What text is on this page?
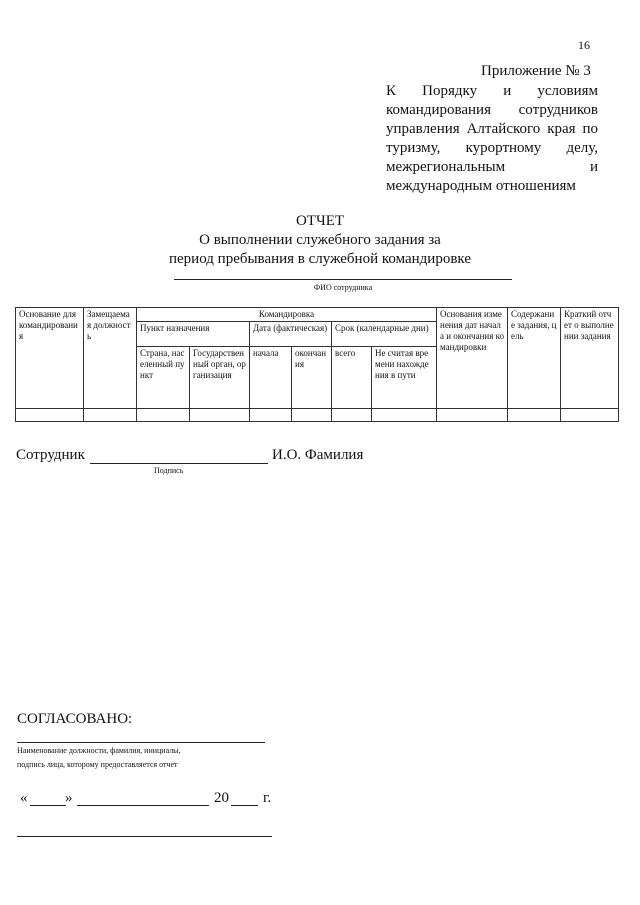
16
Приложение № 3
К Порядку и условиям
командирования сотрудников
управления Алтайского края по
туризму, курортному делу,
межрегиональным и
международным отношениям
ОТЧЕТ
О выполнении служебного задания за
период пребывания в служебной командировке
ФИО сотрудника
Основание для командирования	Замещаемая должность	Командировка						Основания изменения дат начала и окончания командировки	Содержание задания, цель	Краткий отчет о выполнении задания
		Пункт назначения		Дата (фактическая)		Срок (календарные дни)				
		Страна, населенный пункт	Государственный орган, организация	начала	окончания	всего	Не считая времени нахождения в пути			

Сотрудник	И.О. Фамилия
Подпись
СОГЛАСОВАНО:
Наименование должности, фамилия, инициалы,
подпись лица, которому предоставляется отчет
«	»	20 г.
